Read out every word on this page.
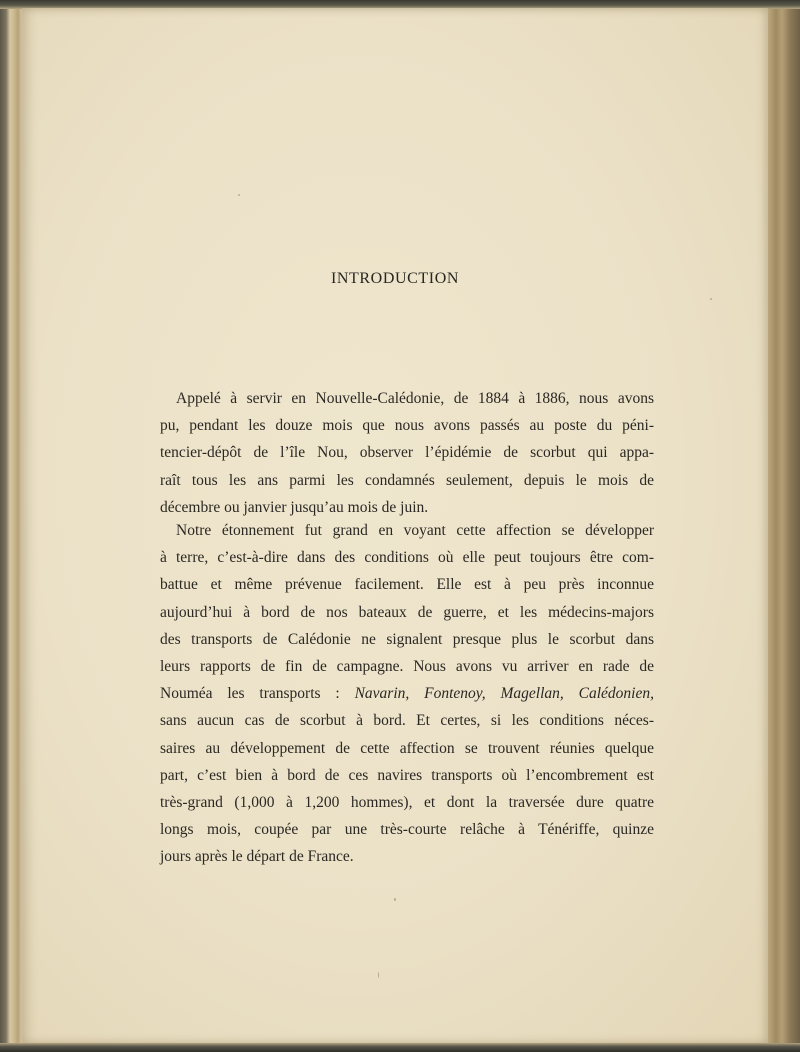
INTRODUCTION
Appelé à servir en Nouvelle-Calédonie, de 1884 à 1886, nous avons
pu, pendant les douze mois que nous avons passés au poste du péni-
tencier-dépôt de l’île Nou, observer l’épidémie de scorbut qui appa-
raît tous les ans parmi les condamnés seulement, depuis le mois de
décembre ou janvier jusqu’au mois de juin.
Notre étonnement fut grand en voyant cette affection se développer
à terre, c’est-à-dire dans des conditions où elle peut toujours être com-
battue et même prévenue facilement. Elle est à peu près inconnue
aujourd’hui à bord de nos bateaux de guerre, et les médecins-majors
des transports de Calédonie ne signalent presque plus le scorbut dans
leurs rapports de fin de campagne. Nous avons vu arriver en rade de
Nouméa les transports : Navarin, Fontenoy, Magellan, Calédonien,
sans aucun cas de scorbut à bord. Et certes, si les conditions néces-
saires au développement de cette affection se trouvent réunies quelque
part, c’est bien à bord de ces navires transports où l’encombrement est
très-grand (1,000 à 1,200 hommes), et dont la traversée dure quatre
longs mois, coupée par une très-courte relâche à Ténériffe, quinze
jours après le départ de France.
